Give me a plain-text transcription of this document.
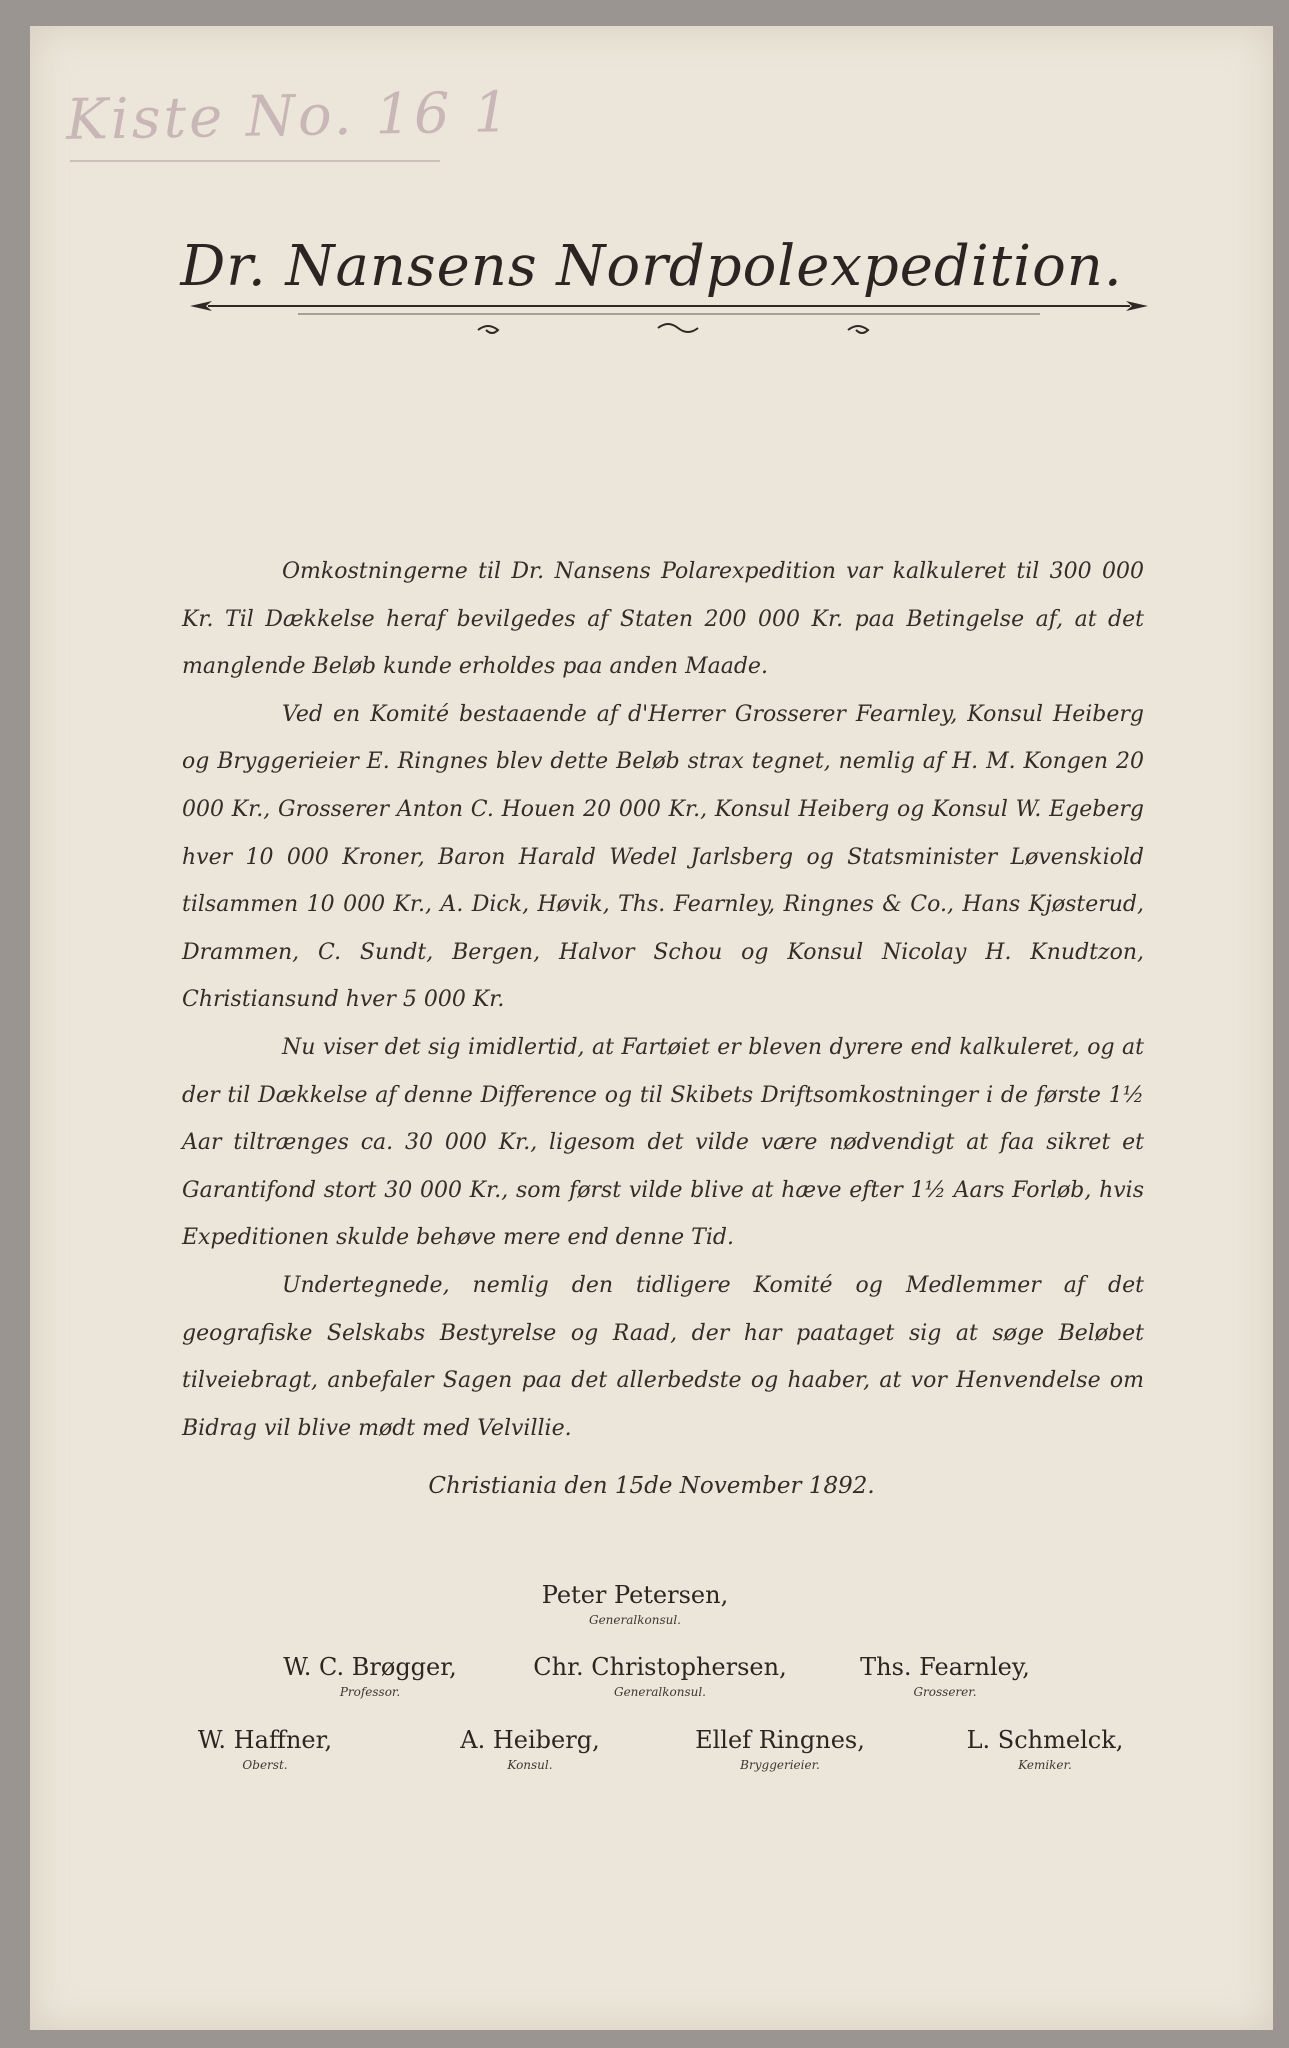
Kiste No. 16 1
Dr. Nansens Nordpolexpedition.

Omkostningerne til Dr. Nansens Polarexpedition var kalkuleret til 300 000 Kr. Til Dækkelse heraf bevilgedes af Staten 200 000 Kr. paa Betingelse af, at det manglende Beløb kunde erholdes paa anden Maade.

Ved en Komité bestaaende af d'Herrer Grosserer Fearnley, Konsul Heiberg og Bryggerieier E. Ringnes blev dette Beløb strax tegnet, nemlig af H. M. Kongen 20 000 Kr., Grosserer Anton C. Houen 20 000 Kr., Konsul Heiberg og Konsul W. Egeberg hver 10 000 Kroner, Baron Harald Wedel Jarlsberg og Statsminister Løvenskiold tilsammen 10 000 Kr., A. Dick, Høvik, Ths. Fearnley, Ringnes & Co., Hans Kjøsterud, Drammen, C. Sundt, Bergen, Halvor Schou og Konsul Nicolay H. Knudtzon, Christiansund hver 5 000 Kr.

Nu viser det sig imidlertid, at Fartøiet er bleven dyrere end kalkuleret, og at der til Dækkelse af denne Difference og til Skibets Driftsomkostninger i de første 1½ Aar tiltrænges ca. 30 000 Kr., ligesom det vilde være nødvendigt at faa sikret et Garantifond stort 30 000 Kr., som først vilde blive at hæve efter 1½ Aars Forløb, hvis Expeditionen skulde behøve mere end denne Tid.

Undertegnede, nemlig den tidligere Komité og Medlemmer af det geografiske Selskabs Bestyrelse og Raad, der har paataget sig at søge Beløbet tilveiebragt, anbefaler Sagen paa det allerbedste og haaber, at vor Henvendelse om Bidrag vil blive mødt med Velvillie.

Christiania den 15de November 1892.
Peter Petersen,
Generalkonsul.
W. C. Brøgger,
Professor.
Chr. Christophersen,
Generalkonsul.
Ths. Fearnley,
Grosserer.
W. Haffner,
Oberst.
A. Heiberg,
Konsul.
Ellef Ringnes,
Bryggerieier.
L. Schmelck,
Kemiker.
